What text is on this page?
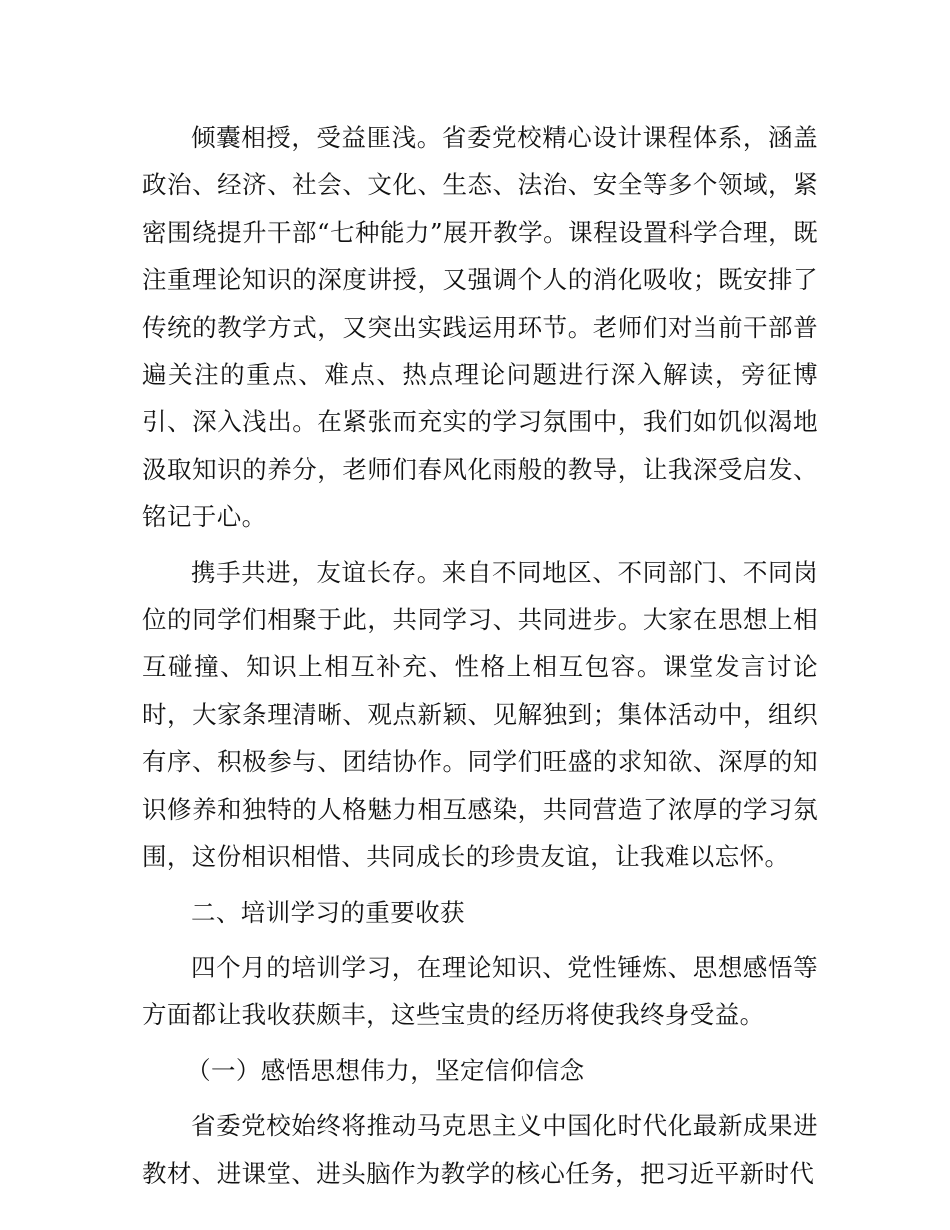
倾囊相授，受益匪浅。省委党校精心设计课程体系，涵盖政治、经济、社会、文化、生态、法治、安全等多个领域，紧密围绕提升干部“七种能力”展开教学。课程设置科学合理，既注重理论知识的深度讲授，又强调个人的消化吸收；既安排了传统的教学方式，又突出实践运用环节。老师们对当前干部普遍关注的重点、难点、热点理论问题进行深入解读，旁征博引、深入浅出。在紧张而充实的学习氛围中，我们如饥似渴地汲取知识的养分，老师们春风化雨般的教导，让我深受启发、铭记于心。

携手共进，友谊长存。来自不同地区、不同部门、不同岗位的同学们相聚于此，共同学习、共同进步。大家在思想上相互碰撞、知识上相互补充、性格上相互包容。课堂发言讨论时，大家条理清晰、观点新颖、见解独到；集体活动中，组织有序、积极参与、团结协作。同学们旺盛的求知欲、深厚的知识修养和独特的人格魅力相互感染，共同营造了浓厚的学习氛围，这份相识相惜、共同成长的珍贵友谊，让我难以忘怀。

二、培训学习的重要收获

四个月的培训学习，在理论知识、党性锤炼、思想感悟等方面都让我收获颇丰，这些宝贵的经历将使我终身受益。

（一）感悟思想伟力，坚定信仰信念

省委党校始终将推动马克思主义中国化时代化最新成果进教材、进课堂、进头脑作为教学的核心任务，把习近平新时代
